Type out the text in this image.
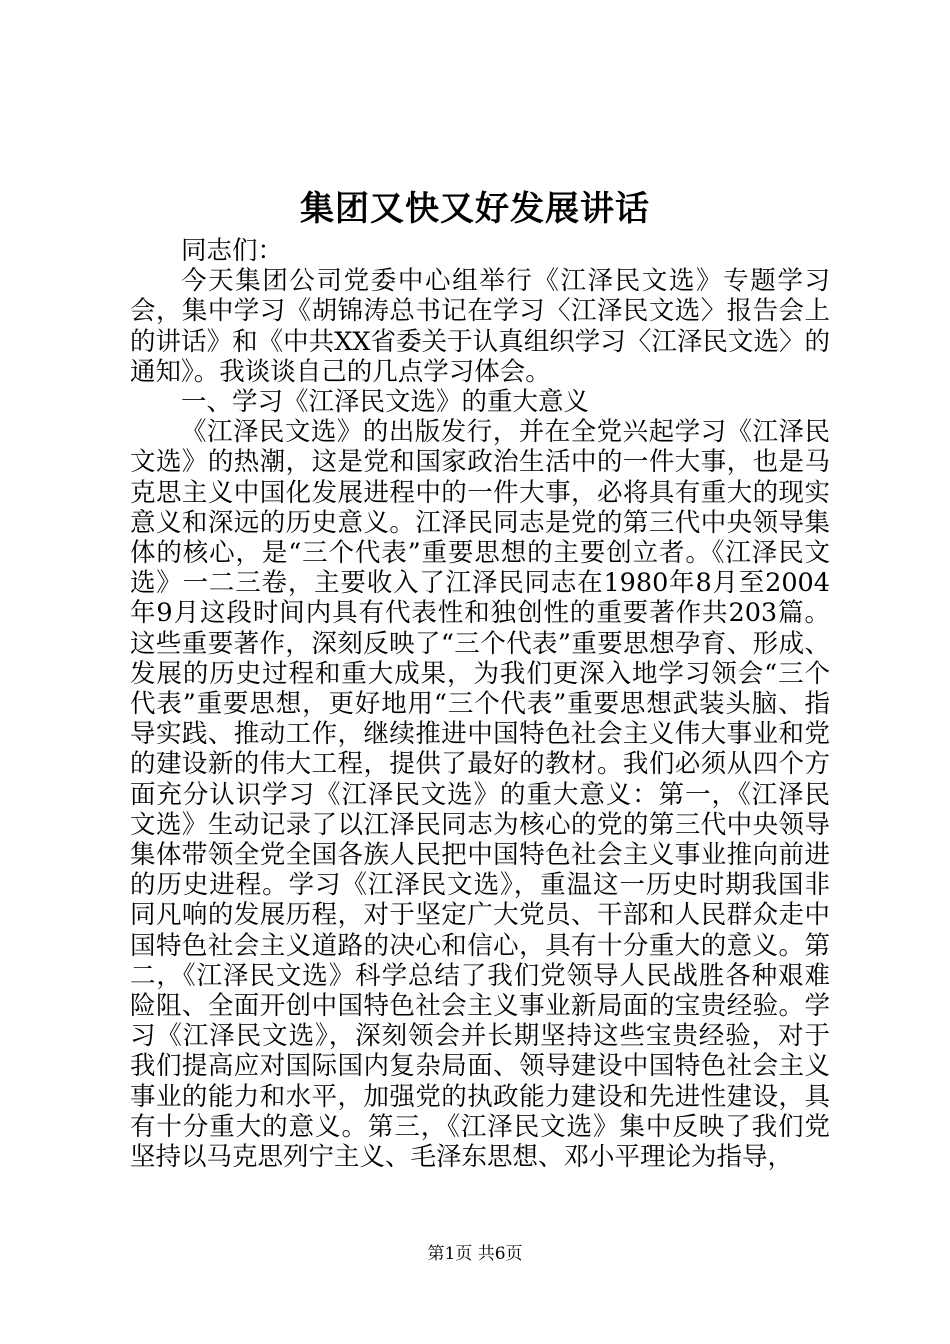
集团又快又好发展讲话

同志们：

今天集团公司党委中心组举行《江泽民文选》专题学习会，集中学习《胡锦涛总书记在学习〈江泽民文选〉报告会上的讲话》和《中共XX省委关于认真组织学习〈江泽民文选〉的通知》。我谈谈自己的几点学习体会。

一、学习《江泽民文选》的重大意义

《江泽民文选》的出版发行，并在全党兴起学习《江泽民文选》的热潮，这是党和国家政治生活中的一件大事，也是马克思主义中国化发展进程中的一件大事，必将具有重大的现实意义和深远的历史意义。江泽民同志是党的第三代中央领导集体的核心，是“三个代表”重要思想的主要创立者。《江泽民文选》一二三卷，主要收入了江泽民同志在1980年8月至2004年9月这段时间内具有代表性和独创性的重要著作共203篇。这些重要著作，深刻反映了“三个代表”重要思想孕育、形成、发展的历史过程和重大成果，为我们更深入地学习领会“三个代表”重要思想，更好地用“三个代表”重要思想武装头脑、指导实践、推动工作，继续推进中国特色社会主义伟大事业和党的建设新的伟大工程，提供了最好的教材。我们必须从四个方面充分认识学习《江泽民文选》的重大意义：第一，《江泽民文选》生动记录了以江泽民同志为核心的党的第三代中央领导集体带领全党全国各族人民把中国特色社会主义事业推向前进的历史进程。学习《江泽民文选》，重温这一历史时期我国非同凡响的发展历程，对于坚定广大党员、干部和人民群众走中国特色社会主义道路的决心和信心，具有十分重大的意义。第二，《江泽民文选》科学总结了我们党领导人民战胜各种艰难险阻、全面开创中国特色社会主义事业新局面的宝贵经验。学习《江泽民文选》，深刻领会并长期坚持这些宝贵经验，对于我们提高应对国际国内复杂局面、领导建设中国特色社会主义事业的能力和水平，加强党的执政能力建设和先进性建设，具有十分重大的意义。第三，《江泽民文选》集中反映了我们党坚持以马克思列宁主义、毛泽东思想、邓小平理论为指导，

第1页 共6页
